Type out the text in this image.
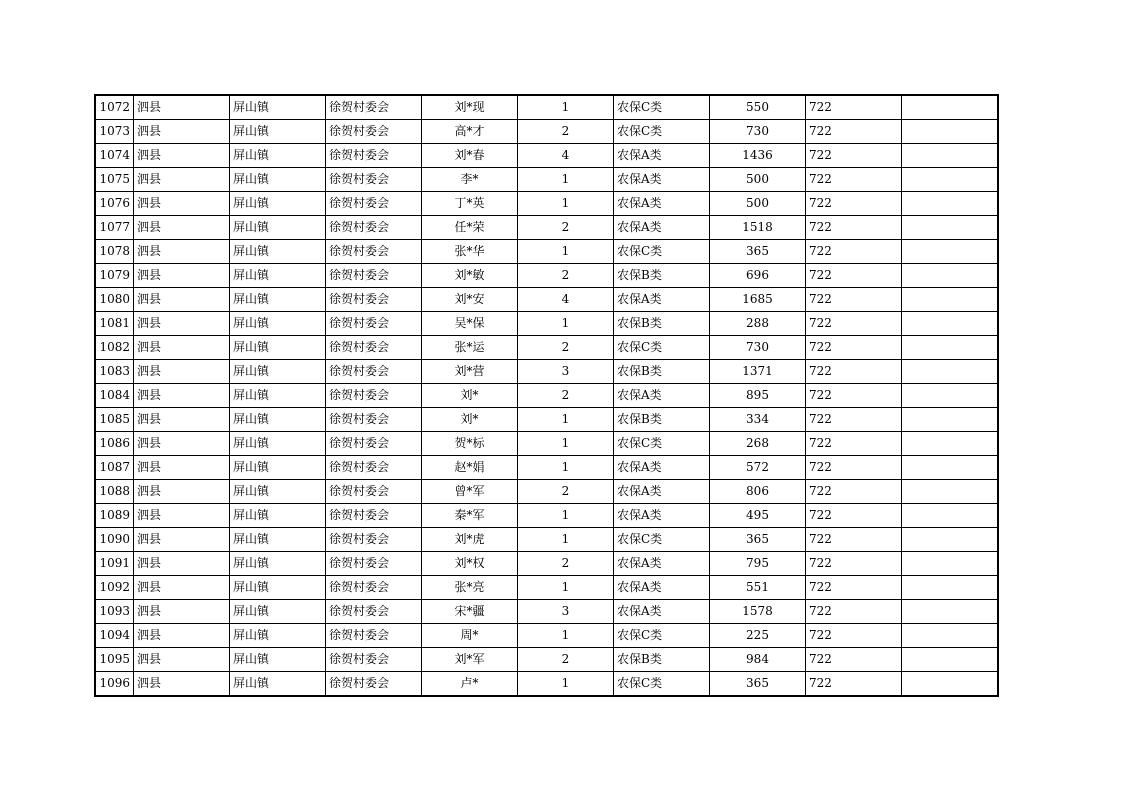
1072	泗县	屏山镇	徐贺村委会	刘*现	1	农保C类	550	722	
1073	泗县	屏山镇	徐贺村委会	高*才	2	农保C类	730	722	
1074	泗县	屏山镇	徐贺村委会	刘*春	4	农保A类	1436	722	
1075	泗县	屏山镇	徐贺村委会	李*	1	农保A类	500	722	
1076	泗县	屏山镇	徐贺村委会	丁*英	1	农保A类	500	722	
1077	泗县	屏山镇	徐贺村委会	任*荣	2	农保A类	1518	722	
1078	泗县	屏山镇	徐贺村委会	张*华	1	农保C类	365	722	
1079	泗县	屏山镇	徐贺村委会	刘*敏	2	农保B类	696	722	
1080	泗县	屏山镇	徐贺村委会	刘*安	4	农保A类	1685	722	
1081	泗县	屏山镇	徐贺村委会	吴*保	1	农保B类	288	722	
1082	泗县	屏山镇	徐贺村委会	张*运	2	农保C类	730	722	
1083	泗县	屏山镇	徐贺村委会	刘*营	3	农保B类	1371	722	
1084	泗县	屏山镇	徐贺村委会	刘*	2	农保A类	895	722	
1085	泗县	屏山镇	徐贺村委会	刘*	1	农保B类	334	722	
1086	泗县	屏山镇	徐贺村委会	贺*标	1	农保C类	268	722	
1087	泗县	屏山镇	徐贺村委会	赵*娟	1	农保A类	572	722	
1088	泗县	屏山镇	徐贺村委会	曾*军	2	农保A类	806	722	
1089	泗县	屏山镇	徐贺村委会	秦*军	1	农保A类	495	722	
1090	泗县	屏山镇	徐贺村委会	刘*虎	1	农保C类	365	722	
1091	泗县	屏山镇	徐贺村委会	刘*权	2	农保A类	795	722	
1092	泗县	屏山镇	徐贺村委会	张*亮	1	农保A类	551	722	
1093	泗县	屏山镇	徐贺村委会	宋*疆	3	农保A类	1578	722	
1094	泗县	屏山镇	徐贺村委会	周*	1	农保C类	225	722	
1095	泗县	屏山镇	徐贺村委会	刘*军	2	农保B类	984	722	
1096	泗县	屏山镇	徐贺村委会	卢*	1	农保C类	365	722	
